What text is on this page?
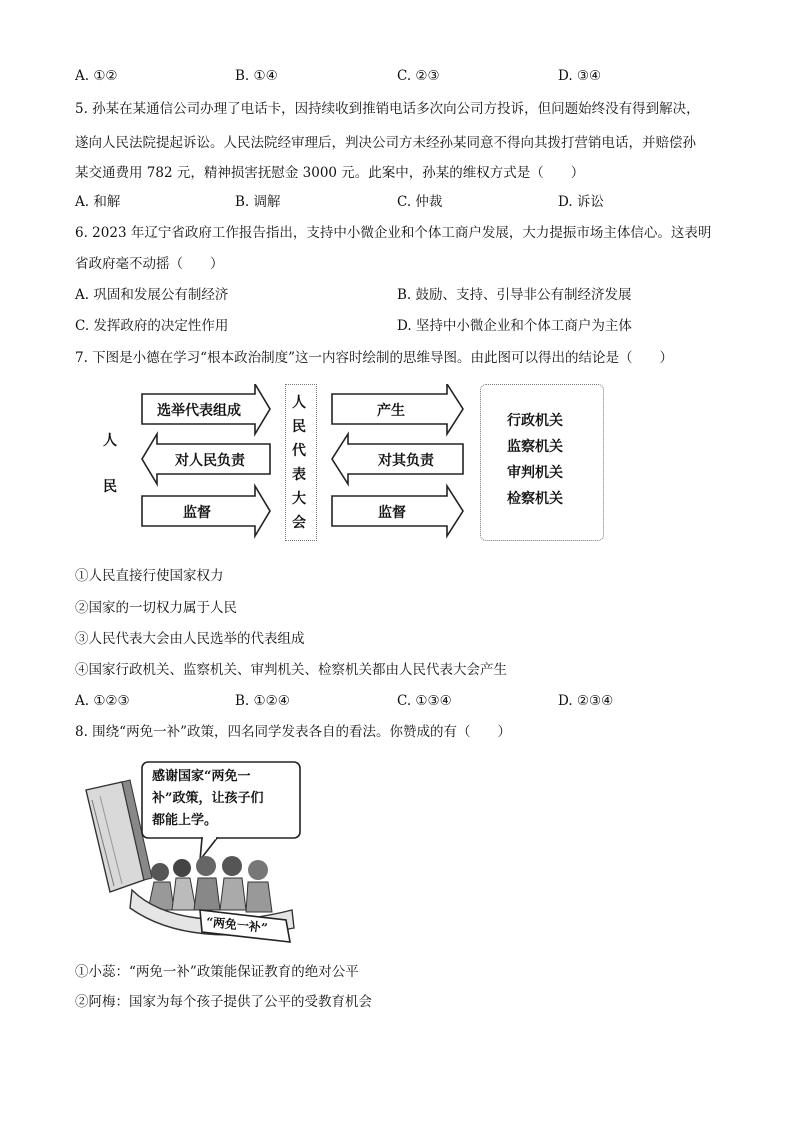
A. ①②	B. ①④	C. ②③	D. ③④
5. 孙某在某通信公司办理了电话卡，因持续收到推销电话多次向公司方投诉，但问题始终没有得到解决，
遂向人民法院提起诉讼。人民法院经审理后，判决公司方未经孙某同意不得向其拨打营销电话，并赔偿孙
某交通费用 782 元，精神损害抚慰金 3000 元。此案中，孙某的维权方式是（　　）
A. 和解	B. 调解	C. 仲裁	D. 诉讼
6. 2023 年辽宁省政府工作报告指出，支持中小微企业和个体工商户发展，大力提振市场主体信心。这表明
省政府毫不动摇（　　）
A. 巩固和发展公有制经济	B. 鼓励、支持、引导非公有制经济发展
C. 发挥政府的决定性作用	D. 坚持中小微企业和个体工商户为主体
7. 下图是小德在学习“根本政治制度”这一内容时绘制的思维导图。由此图可以得出的结论是（　　）
人
民
选举代表组成
对人民负责
监督
人
民
代
表
大
会
产生
对其负责
监督
行政机关
监察机关
审判机关
检察机关
①人民直接行使国家权力
②国家的一切权力属于人民
③人民代表大会由人民选举的代表组成
④国家行政机关、监察机关、审判机关、检察机关都由人民代表大会产生
A. ①②③	B. ①②④	C. ①③④	D. ②③④
8. 围绕“两免一补”政策，四名同学发表各自的看法。你赞成的有（　　）
感谢国家“两免一
补”政策，让孩子们
都能上学。
“两免一补”
①小蕊：“两免一补”政策能保证教育的绝对公平
②阿梅：国家为每个孩子提供了公平的受教育机会
